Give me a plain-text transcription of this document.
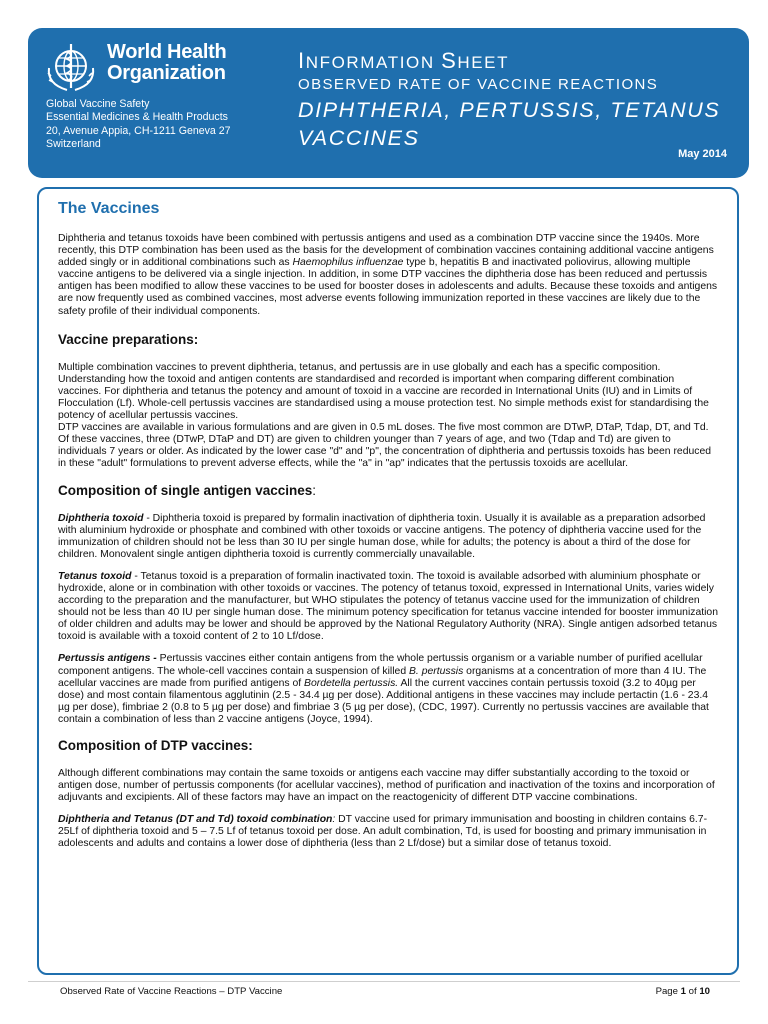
World Health
Organization
Global Vaccine Safety
Essential Medicines & Health Products
20, Avenue Appia, CH-1211 Geneva 27
Switzerland
INFORMATION SHEET
OBSERVED RATE OF VACCINE REACTIONS
DIPHTHERIA, PERTUSSIS, TETANUS
VACCINES
May 2014
The Vaccines

Diphtheria and tetanus toxoids have been combined with pertussis antigens and used as a combination DTP vaccine since the 1940s. More recently, this DTP combination has been used as the basis for the development of combination vaccines containing additional vaccine antigens added singly or in additional combinations such as Haemophilus influenzae type b, hepatitis B and inactivated poliovirus, allowing multiple vaccine antigens to be delivered via a single injection. In addition, in some DTP vaccines the diphtheria dose has been reduced and pertussis antigen has been modified to allow these vaccines to be used for booster doses in adolescents and adults. Because these toxoids and antigens are now frequently used as combined vaccines, most adverse events following immunization reported in these vaccines are likely due to the safety profile of their individual components.

Vaccine preparations:

Multiple combination vaccines to prevent diphtheria, tetanus, and pertussis are in use globally and each has a specific composition. Understanding how the toxoid and antigen contents are standardised and recorded is important when comparing different combination vaccines. For diphtheria and tetanus the potency and amount of toxoid in a vaccine are recorded in International Units (IU) and in Limits of Flocculation (Lf). Whole-cell pertussis vaccines are standardised using a mouse protection test. No simple methods exist for standardising the potency of acellular pertussis vaccines.

DTP vaccines are available in various formulations and are given in 0.5 mL doses. The five most common are DTwP, DTaP, Tdap, DT, and Td. Of these vaccines, three (DTwP, DTaP and DT) are given to children younger than 7 years of age, and two (Tdap and Td) are given to individuals 7 years or older. As indicated by the lower case "d" and "p", the concentration of diphtheria and pertussis toxoids has been reduced in these "adult" formulations to prevent adverse effects, while the "a" in "ap" indicates that the pertussis toxoids are acellular.

Composition of single antigen vaccines:

Diphtheria toxoid - Diphtheria toxoid is prepared by formalin inactivation of diphtheria toxin. Usually it is available as a preparation adsorbed with aluminium hydroxide or phosphate and combined with other toxoids or vaccine antigens. The potency of diphtheria vaccine used for the immunization of children should not be less than 30 IU per single human dose, while for adults; the potency is about a third of the dose for children. Monovalent single antigen diphtheria toxoid is currently commercially unavailable.

Tetanus toxoid - Tetanus toxoid is a preparation of formalin inactivated toxin. The toxoid is available adsorbed with aluminium phosphate or hydroxide, alone or in combination with other toxoids or vaccines. The potency of tetanus toxoid, expressed in International Units, varies widely according to the preparation and the manufacturer, but WHO stipulates the potency of tetanus vaccine used for the immunization of children should not be less than 40 IU per single human dose. The minimum potency specification for tetanus vaccine intended for booster immunization of older children and adults may be lower and should be approved by the National Regulatory Authority (NRA). Single antigen adsorbed tetanus toxoid is available with a toxoid content of 2 to 10 Lf/dose.

Pertussis antigens - Pertussis vaccines either contain antigens from the whole pertussis organism or a variable number of purified acellular component antigens. The whole-cell vaccines contain a suspension of killed B. pertussis organisms at a concentration of more than 4 IU. The acellular vaccines are made from purified antigens of Bordetella pertussis. All the current vaccines contain pertussis toxoid (3.2 to 40µg per dose) and most contain filamentous agglutinin (2.5 - 34.4 µg per dose). Additional antigens in these vaccines may include pertactin (1.6 - 23.4 µg per dose), fimbriae 2 (0.8 to 5 µg per dose) and fimbriae 3 (5 µg per dose), (CDC, 1997). Currently no pertussis vaccines are available that contain a combination of less than 2 vaccine antigens (Joyce, 1994).

Composition of DTP vaccines:

Although different combinations may contain the same toxoids or antigens each vaccine may differ substantially according to the toxoid or antigen dose, number of pertussis components (for acellular vaccines), method of purification and inactivation of the toxins and incorporation of adjuvants and excipients. All of these factors may have an impact on the reactogenicity of different DTP vaccine combinations.

Diphtheria and Tetanus (DT and Td) toxoid combination: DT vaccine used for primary immunisation and boosting in children contains 6.7-25Lf of diphtheria toxoid and 5 – 7.5 Lf of tetanus toxoid per dose. An adult combination, Td, is used for boosting and primary immunisation in adolescents and adults and contains a lower dose of diphtheria (less than 2 Lf/dose) but a similar dose of tetanus toxoid.

Observed Rate of Vaccine Reactions – DTP Vaccine	Page 1 of 10
